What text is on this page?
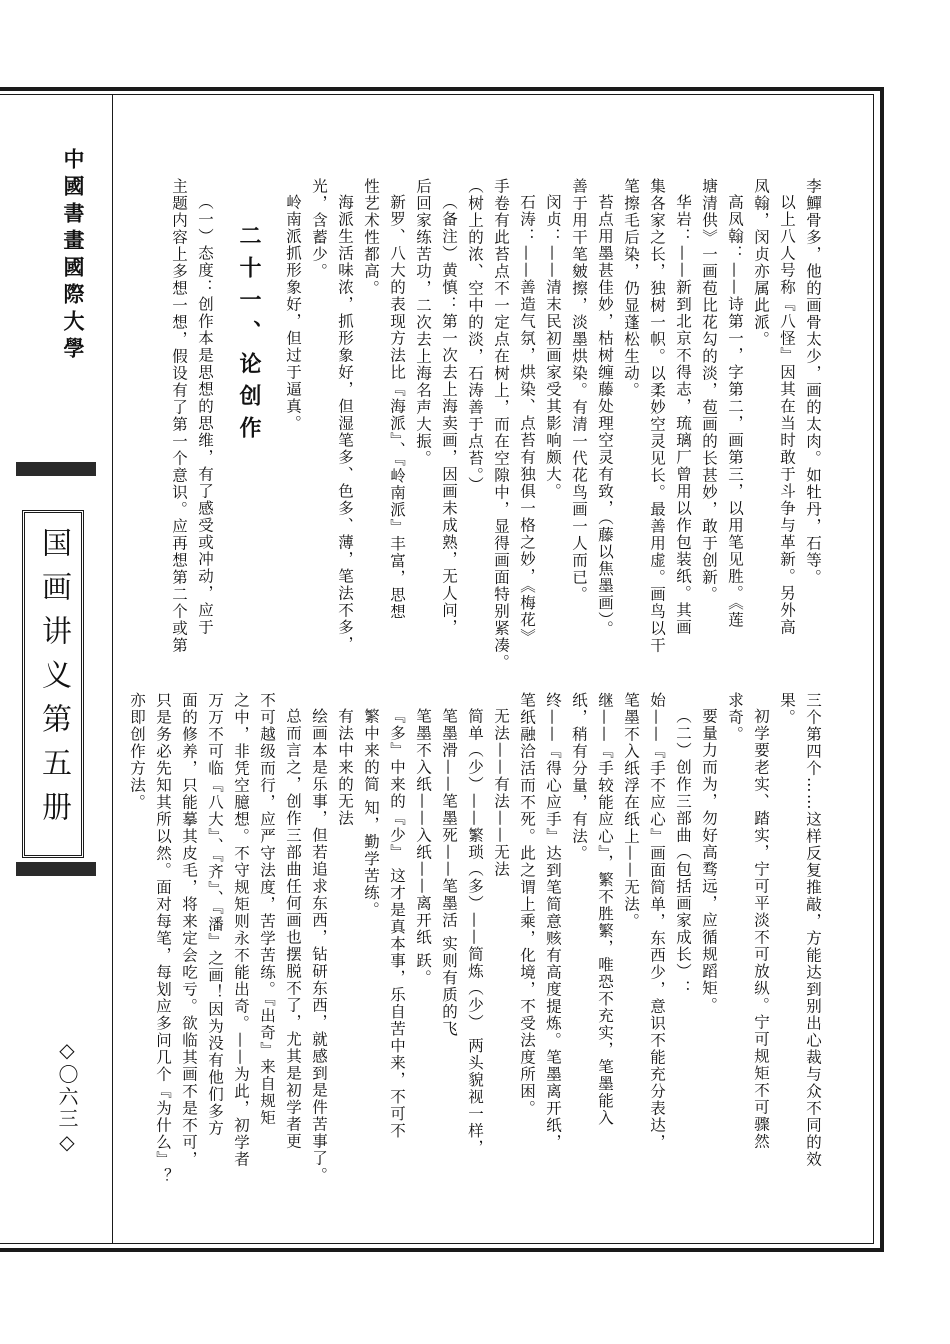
中國書畫國際大學
国画讲义第五册
◇〇六三◇
李鱓骨多，他的画骨太少，画的太肉。如牡丹，石等。
以上八人号称『八怪』因其在当时敢于斗争与革新。另外高
凤翰，闵贞亦属此派。
高凤翰：——诗第一，字第二，画第三，以用笔见胜。《莲
塘清供》一画苞比花勾的淡，苞画的长甚妙，敢于创新。
华岩：——新到北京不得志，琉璃厂曾用以作包装纸。其画
集各家之长，独树一帜。以柔妙空灵见长。最善用虚。画鸟以干
笔擦毛后染，仍显蓬松生动。
苔点用墨甚佳妙，枯树缠藤处理空灵有致，（藤以焦墨画）。
善于用干笔皴擦，淡墨烘染。有清一代花鸟画一人而已。
闵贞：——清末民初画家受其影响颇大。
石涛：——善造气氛，烘染、点苔有独俱一格之妙，《梅花》
手卷有此苔点不一定点在树上，而在空隙中，显得画面特别紧凑。
（树上的浓、空中的淡，石涛善于点苔。）
（备注）黄慎：第一次去上海卖画，因画未成熟，无人问，
后回家练苦功，二次去上海名声大振。
新罗、八大的表现方法比『海派』、『岭南派』丰富，思想
性艺术性都高。
海派生活味浓，抓形象好，但湿笔多、色多、薄，笔法不多，
光，含蓄少。
岭南派抓形象好，但过于逼真。
二十一、论创作
（一）态度：创作本是思想的思维，有了感受或冲动，应于
主题内容上多想一想，假设有了第一个意识。应再想第二个或第
三个第四个……这样反复推敲，方能达到别出心裁与众不同的效
果。
初学要老实、踏实，宁可平淡不可放纵。宁可规矩不可骤然
求奇。
要量力而为，勿好高骛远，应循规蹈矩。
（二）创作三部曲（包括画家成长）：
始——『手不应心』画面简单，东西少，意识不能充分表达，
笔墨不入纸浮在纸上——无法。
继——『手较能应心』，繁不胜繁，唯恐不充实，笔墨能入
纸，稍有分量，有法。
终——『得心应手』达到笔简意赅有高度提炼。笔墨离开纸，
笔纸融洽活而不死。此之谓上乘，化境，不受法度所困。
无法——有法——无法
简单（少）——繁琐（多）——简炼（少） 两头貌视一样，
笔墨滑——笔墨死——笔墨活 实则有质的飞
笔墨不入纸——入纸——离开纸 跃。
『多』中来的『少』 这才是真本事，乐自苦中来，不可不
繁中来的简 知，勤学苦练。
有法中来的无法
绘画本是乐事，但若追求东西，钻研东西，就感到是件苦事了。
总而言之，创作三部曲任何画也摆脱不了，尤其是初学者更
不可越级而行，应严守法度，苦学苦练。『出奇』来自规矩
之中，非凭空臆想。不守规矩则永不能出奇。——为此，初学者
万万不可临『八大』、『齐』、『潘』之画！因为没有他们多方
面的修养，只能摹其皮毛，将来定会吃亏。欲临其画不是不可，
只是务必先知其所以然。面对每笔，每划应多问几个『为什么』？
亦即创作方法。
